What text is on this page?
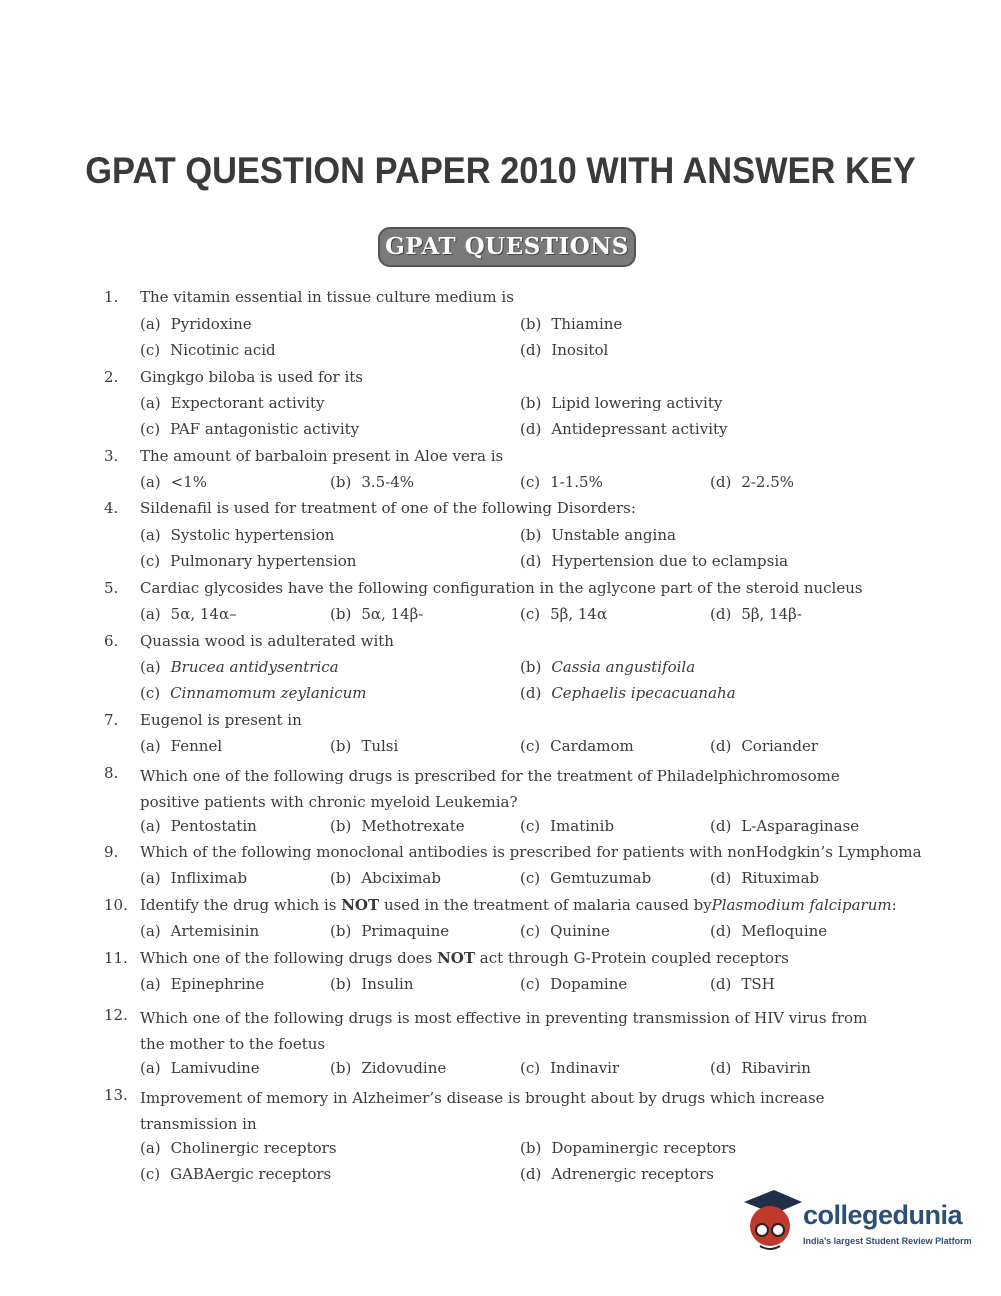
GPAT QUESTION PAPER 2010 WITH ANSWER KEY
GPAT QUESTIONS
1. The vitamin essential in tissue culture medium is
(a) Pyridoxine	(b) Thiamine
(c) Nicotinic acid	(d) Inositol
2. Gingkgo biloba is used for its
(a) Expectorant activity	(b) Lipid lowering activity
(c) PAF antagonistic activity	(d) Antidepressant activity
3. The amount of barbaloin present in Aloe vera is
(a) <1%	(b) 3.5-4%	(c) 1-1.5%	(d) 2-2.5%
4. Sildenafil is used for treatment of one of the following Disorders:
(a) Systolic hypertension	(b) Unstable angina
(c) Pulmonary hypertension	(d) Hypertension due to eclampsia
5. Cardiac glycosides have the following configuration in the aglycone part of the steroid nucleus
(a) 5α, 14α–	(b) 5α, 14β-	(c) 5β, 14α	(d) 5β, 14β-
6. Quassia wood is adulterated with
(a) Brucea antidysentrica	(b) Cassia angustifoila
(c) Cinnamomum zeylanicum	(d) Cephaelis ipecacuanaha
7. Eugenol is present in
(a) Fennel	(b) Tulsi	(c) Cardamom	(d) Coriander
8. Which one of the following drugs is prescribed for the treatment of Philadelphichromosome positive patients with chronic myeloid Leukemia?
(a) Pentostatin	(b) Methotrexate	(c) Imatinib	(d) L-Asparaginase
9. Which of the following monoclonal antibodies is prescribed for patients with nonHodgkin’s Lymphoma
(a) Infliximab	(b) Abciximab	(c) Gemtuzumab	(d) Rituximab
10. Identify the drug which is NOT used in the treatment of malaria caused byPlasmodium falciparum:
(a) Artemisinin	(b) Primaquine	(c) Quinine	(d) Mefloquine
11. Which one of the following drugs does NOT act through G-Protein coupled receptors
(a) Epinephrine	(b) Insulin	(c) Dopamine	(d) TSH
12. Which one of the following drugs is most effective in preventing transmission of HIV virus from the mother to the foetus
(a) Lamivudine	(b) Zidovudine	(c) Indinavir	(d) Ribavirin
13. Improvement of memory in Alzheimer’s disease is brought about by drugs which increase transmission in
(a) Cholinergic receptors	(b) Dopaminergic receptors
(c) GABAergic receptors	(d) Adrenergic receptors
collegedunia
India's largest Student Review Platform
